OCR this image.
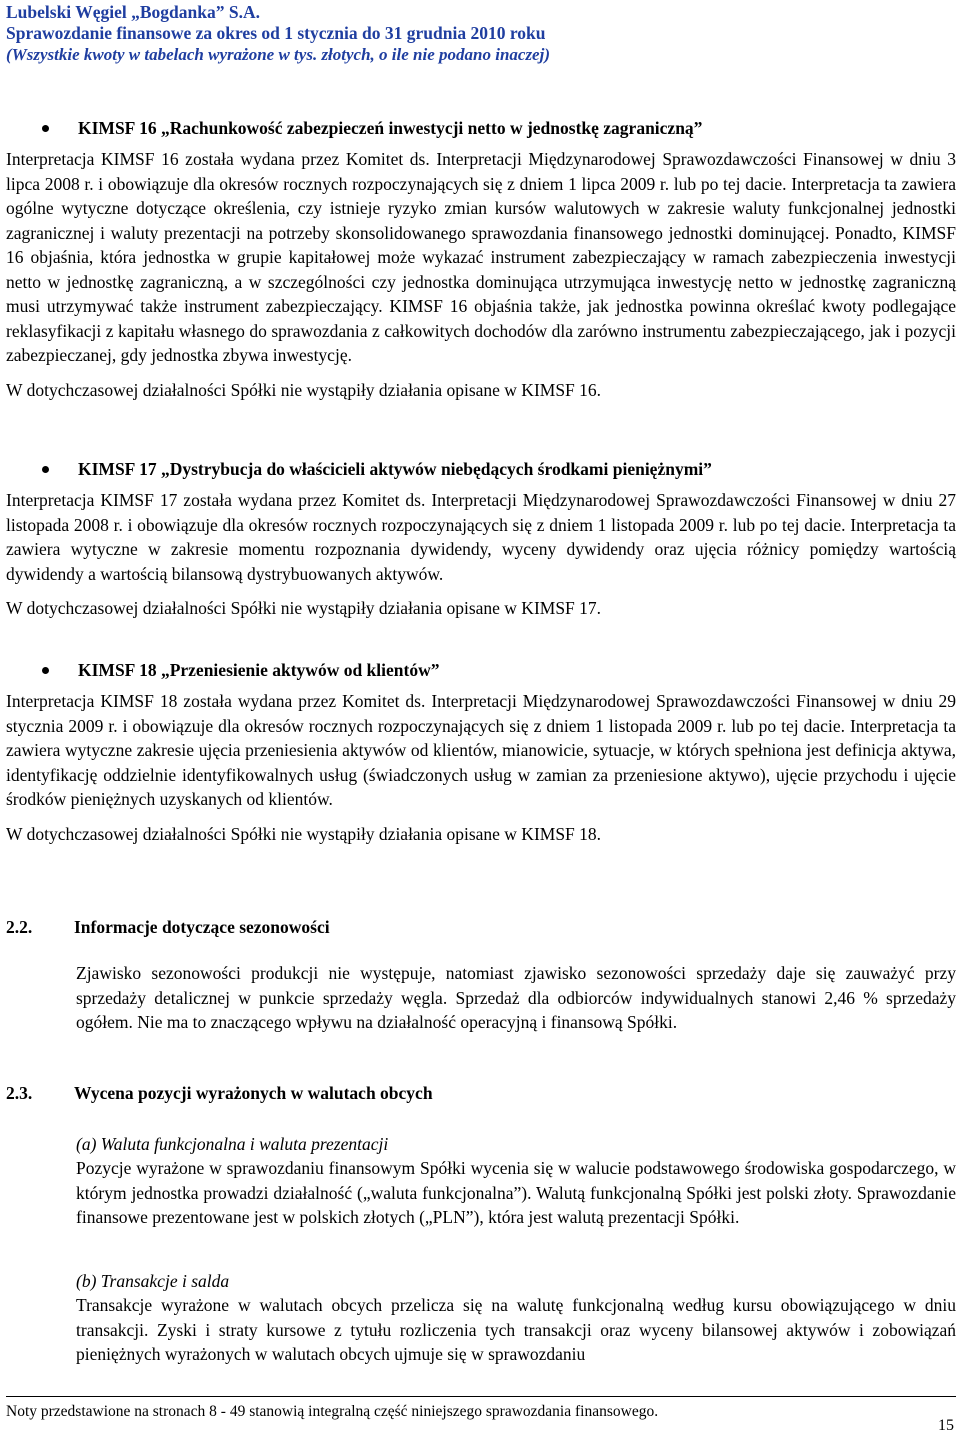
Lubelski Węgiel „Bogdanka” S.A.
Sprawozdanie finansowe za okres od 1 stycznia do 31 grudnia 2010 roku
(Wszystkie kwoty w tabelach wyrażone w tys. złotych, o ile nie podano inaczej)
KIMSF 16 „Rachunkowość zabezpieczeń inwestycji netto w jednostkę zagraniczną”

Interpretacja KIMSF 16 została wydana przez Komitet ds. Interpretacji Międzynarodowej Sprawozdawczości Finansowej w dniu 3 lipca 2008 r. i obowiązuje dla okresów rocznych rozpoczynających się z dniem 1 lipca 2009 r. lub po tej dacie. Interpretacja ta zawiera ogólne wytyczne dotyczące określenia, czy istnieje ryzyko zmian kursów walutowych w zakresie waluty funkcjonalnej jednostki zagranicznej i waluty prezentacji na potrzeby skonsolidowanego sprawozdania finansowego jednostki dominującej. Ponadto, KIMSF 16 objaśnia, która jednostka w grupie kapitałowej może wykazać instrument zabezpieczający w ramach zabezpieczenia inwestycji netto w jednostkę zagraniczną, a w szczególności czy jednostka dominująca utrzymująca inwestycję netto w jednostkę zagraniczną musi utrzymywać także instrument zabezpieczający. KIMSF 16 objaśnia także, jak jednostka powinna określać kwoty podlegające reklasyfikacji z kapitału własnego do sprawozdania z całkowitych dochodów dla zarówno instrumentu zabezpieczającego, jak i pozycji zabezpieczanej, gdy jednostka zbywa inwestycję.

W dotychczasowej działalności Spółki nie wystąpiły działania opisane w KIMSF 16.

KIMSF 17 „Dystrybucja do właścicieli aktywów niebędących środkami pieniężnymi”

Interpretacja KIMSF 17 została wydana przez Komitet ds. Interpretacji Międzynarodowej Sprawozdawczości Finansowej w dniu 27 listopada 2008 r. i obowiązuje dla okresów rocznych rozpoczynających się z dniem 1 listopada 2009 r. lub po tej dacie. Interpretacja ta zawiera wytyczne w zakresie momentu rozpoznania dywidendy, wyceny dywidendy oraz ujęcia różnicy pomiędzy wartością dywidendy a wartością bilansową dystrybuowanych aktywów.

W dotychczasowej działalności Spółki nie wystąpiły działania opisane w KIMSF 17.

KIMSF 18 „Przeniesienie aktywów od klientów”

Interpretacja KIMSF 18 została wydana przez Komitet ds. Interpretacji Międzynarodowej Sprawozdawczości Finansowej w dniu 29 stycznia 2009 r. i obowiązuje dla okresów rocznych rozpoczynających się z dniem 1 listopada 2009 r. lub po tej dacie. Interpretacja ta zawiera wytyczne zakresie ujęcia przeniesienia aktywów od klientów, mianowicie, sytuacje, w których spełniona jest definicja aktywa, identyfikację oddzielnie identyfikowalnych usług (świadczonych usług w zamian za przeniesione aktywo), ujęcie przychodu i ujęcie środków pieniężnych uzyskanych od klientów.

W dotychczasowej działalności Spółki nie wystąpiły działania opisane w KIMSF 18.

2.2. Informacje dotyczące sezonowości

Zjawisko sezonowości produkcji nie występuje, natomiast zjawisko sezonowości sprzedaży daje się zauważyć przy sprzedaży detalicznej w punkcie sprzedaży węgla. Sprzedaż dla odbiorców indywidualnych stanowi 2,46 % sprzedaży ogółem. Nie ma to znaczącego wpływu na działalność operacyjną i finansową Spółki.

2.3. Wycena pozycji wyrażonych w walutach obcych
(a) Waluta funkcjonalna i waluta prezentacji

Pozycje wyrażone w sprawozdaniu finansowym Spółki wycenia się w walucie podstawowego środowiska gospodarczego, w którym jednostka prowadzi działalność („waluta funkcjonalna”). Walutą funkcjonalną Spółki jest polski złoty. Sprawozdanie finansowe prezentowane jest w polskich złotych („PLN”), która jest walutą prezentacji Spółki.

(b) Transakcje i salda

Transakcje wyrażone w walutach obcych przelicza się na walutę funkcjonalną według kursu obowiązującego w dniu transakcji. Zyski i straty kursowe z tytułu rozliczenia tych transakcji oraz wyceny bilansowej aktywów i zobowiązań pieniężnych wyrażonych w walutach obcych ujmuje się w sprawozdaniu

Noty przedstawione na stronach 8 - 49 stanowią integralną część niniejszego sprawozdania finansowego.
15
